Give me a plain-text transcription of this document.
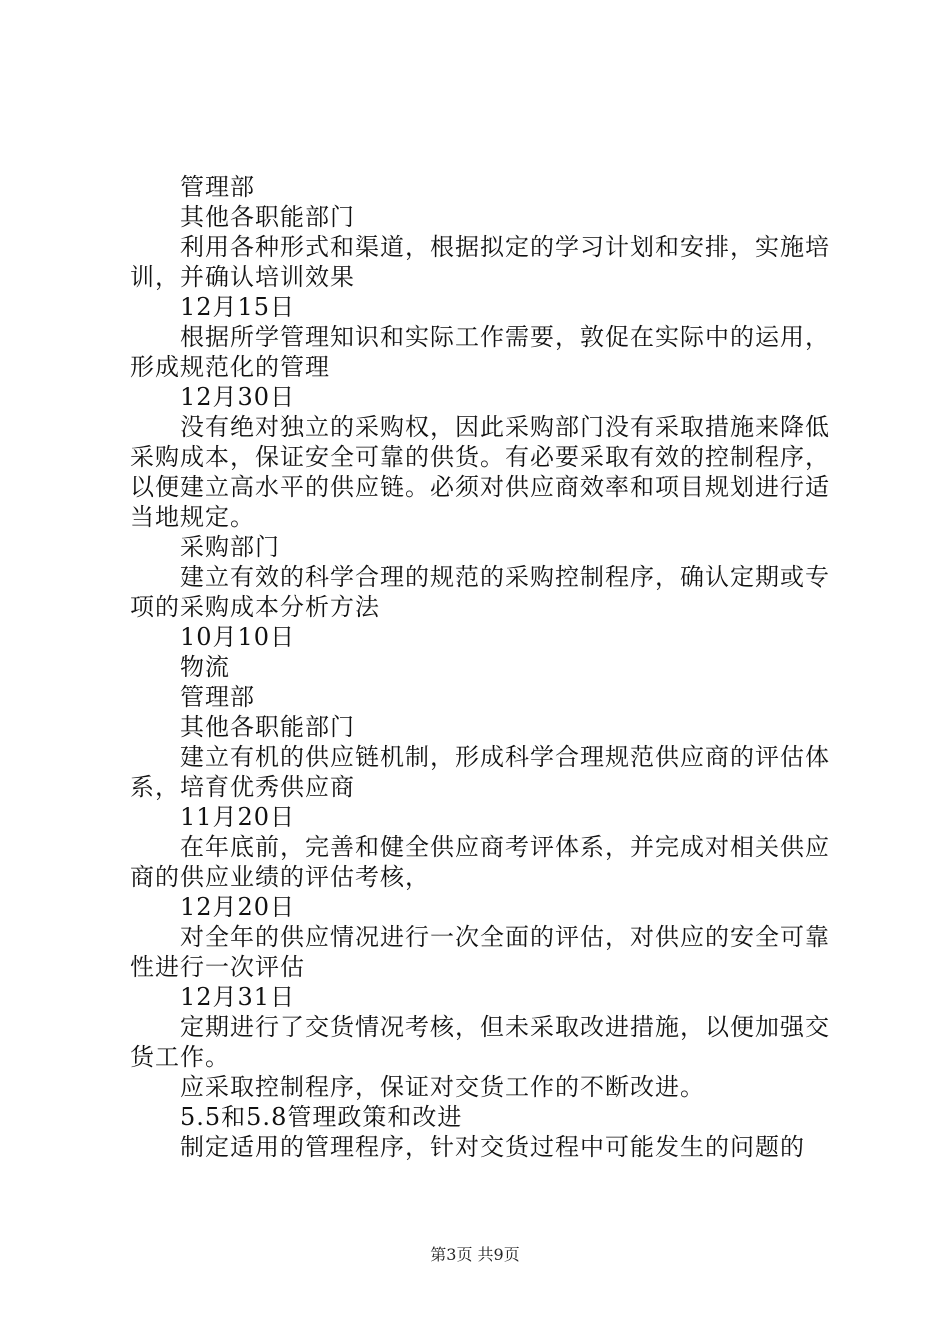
管理部

其他各职能部门

利用各种形式和渠道，根据拟定的学习计划和安排，实施培训，并确认培训效果

12月15日

根据所学管理知识和实际工作需要，敦促在实际中的运用，形成规范化的管理

12月30日

没有绝对独立的采购权，因此采购部门没有采取措施来降低采购成本，保证安全可靠的供货。有必要采取有效的控制程序，以便建立高水平的供应链。必须对供应商效率和项目规划进行适当地规定。

采购部门

建立有效的科学合理的规范的采购控制程序，确认定期或专项的采购成本分析方法

10月10日

物流

管理部

其他各职能部门

建立有机的供应链机制，形成科学合理规范供应商的评估体系，培育优秀供应商

11月20日

在年底前，完善和健全供应商考评体系，并完成对相关供应商的供应业绩的评估考核，

12月20日

对全年的供应情况进行一次全面的评估，对供应的安全可靠性进行一次评估

12月31日

定期进行了交货情况考核，但未采取改进措施，以便加强交货工作。

应采取控制程序，保证对交货工作的不断改进。

5.5和5.8管理政策和改进

制定适用的管理程序，针对交货过程中可能发生的问题的

第3页 共9页
